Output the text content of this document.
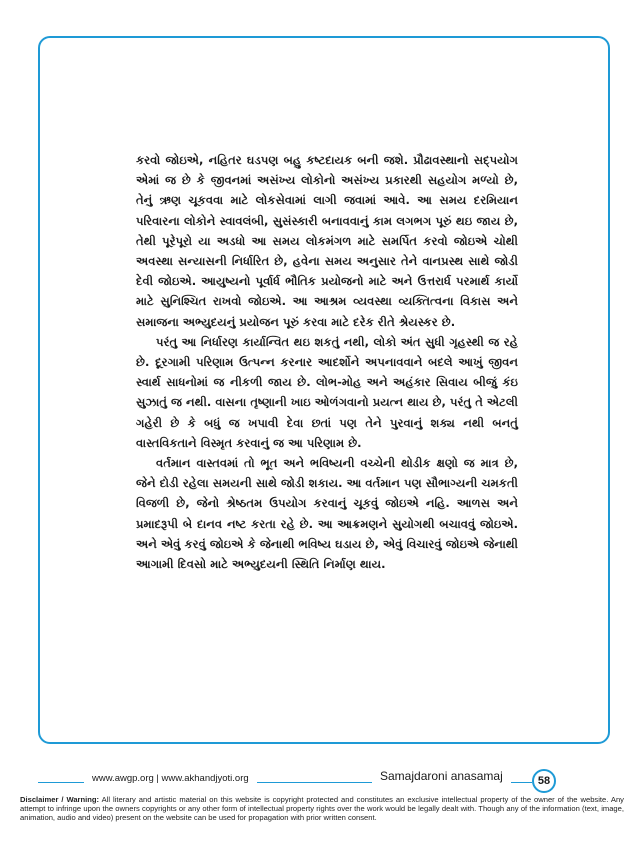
કરવો જોઇએ, નહિતર ઘડપણ બહુ કષ્ટદાયક બની જશે. પ્રૌઢાવસ્થાનો સદ્‌પયોગ એમાં જ છે કે જીવનમાં અસંખ્ય લોકોનો અસંખ્ય પ્રકારથી સહયોગ મળ્યો છે, તેનું ઋણ ચૂકવવા માટે લોકસેવામાં લાગી જવામાં આવે. આ સમય દરમિયાન પરિવારના લોકોને સ્વાવલંબી, સુસંસ્કારી બનાવવાનું કામ લગભગ પૂરું થઇ જાય છે, તેથી પૂરેપૂરો યા અડધો આ સમય લોકમંગળ માટે સમર્પિત કરવો જોઇએ ચોથી અવસ્થા સન્યાસની નિર્ધારિત છે, હવેના સમય અનુસાર તેને વાનપ્રસ્થ સાથે જોડી દેવી જોઇએ. આયુષ્યનો પૂર્વાર્ધ ભૌતિક પ્રયોજનો માટે અને ઉત્તરાર્ધ પરમાર્થ કાર્યો માટે સુનિશ્ચિત રાખવો જોઇએ. આ આશ્રમ વ્યવસ્થા વ્યક્તિત્વના વિકાસ અને સમાજના અભ્યુદયનું પ્રયોજન પૂરું કરવા માટે દરેક રીતે શ્રેયસ્કર છે.

પરંતુ આ નિર્ધારણ કાર્યાન્વિત થઇ શકતું નથી, લોકો અંત સુધી ગૃહસ્થી જ રહે છે. દૂરગામી પરિણામ ઉત્પન્ન કરનાર આદર્શોને અપનાવવાને બદલે આખું જીવન સ્વાર્થ સાધનોમાં જ નીકળી જાય છે. લોભ-મોહ અને અહંકાર સિવાય બીજું કંઇ સુઝાતું જ નથી. વાસના તૃષ્ણાની ખાઇ ઓળંગવાનો પ્રયત્ન થાય છે, પરંતુ તે એટલી ગહેરી છે કે બધું જ ખપાવી દેવા છતાં પણ તેને પુરવાનું શક્ય નથી બનતું વાસ્તવિકતાને વિસ્મૃત કરવાનું જ આ પરિણામ છે.

વર્તમાન વાસ્તવમાં તો ભૂત અને ભવિષ્યની વચ્ચેની થોડીક ક્ષણો જ માત્ર છે, જેને દોડી રહેલા સમયની સાથે જોડી શકાય. આ વર્તમાન પણ સૌભાગ્યની ચમકતી વિજળી છે, જેનો શ્રેષ્ઠતમ ઉપયોગ કરવાનું ચૂકવું જોઇએ નહિ. આળસ અને પ્રમાદરૂપી બે દાનવ નષ્ટ કરતા રહે છે. આ આક્રમણને સુયોગથી બચાવવું જોઇએ. અને એવું કરવું જોઇએ કે જેનાથી ભવિષ્ય ઘડાય છે, એવું વિચારવું જોઇએ જેનાથી આગામી દિવસો માટે અભ્યુદયની સ્થિતિ નિર્માણ થાય.

www.awgp.org | www.akhandjyoti.org	Samajdaroni anasamaj	58
Disclaimer / Warning: All literary and artistic material on this website is copyright protected and constitutes an exclusive intellectual property of the owner of the website. Any attempt to infringe upon the owners copyrights or any other form of intellectual property rights over the work would be legally dealt with. Though any of the information (text, image, animation, audio and video) present on the website can be used for propagation with prior written consent.
